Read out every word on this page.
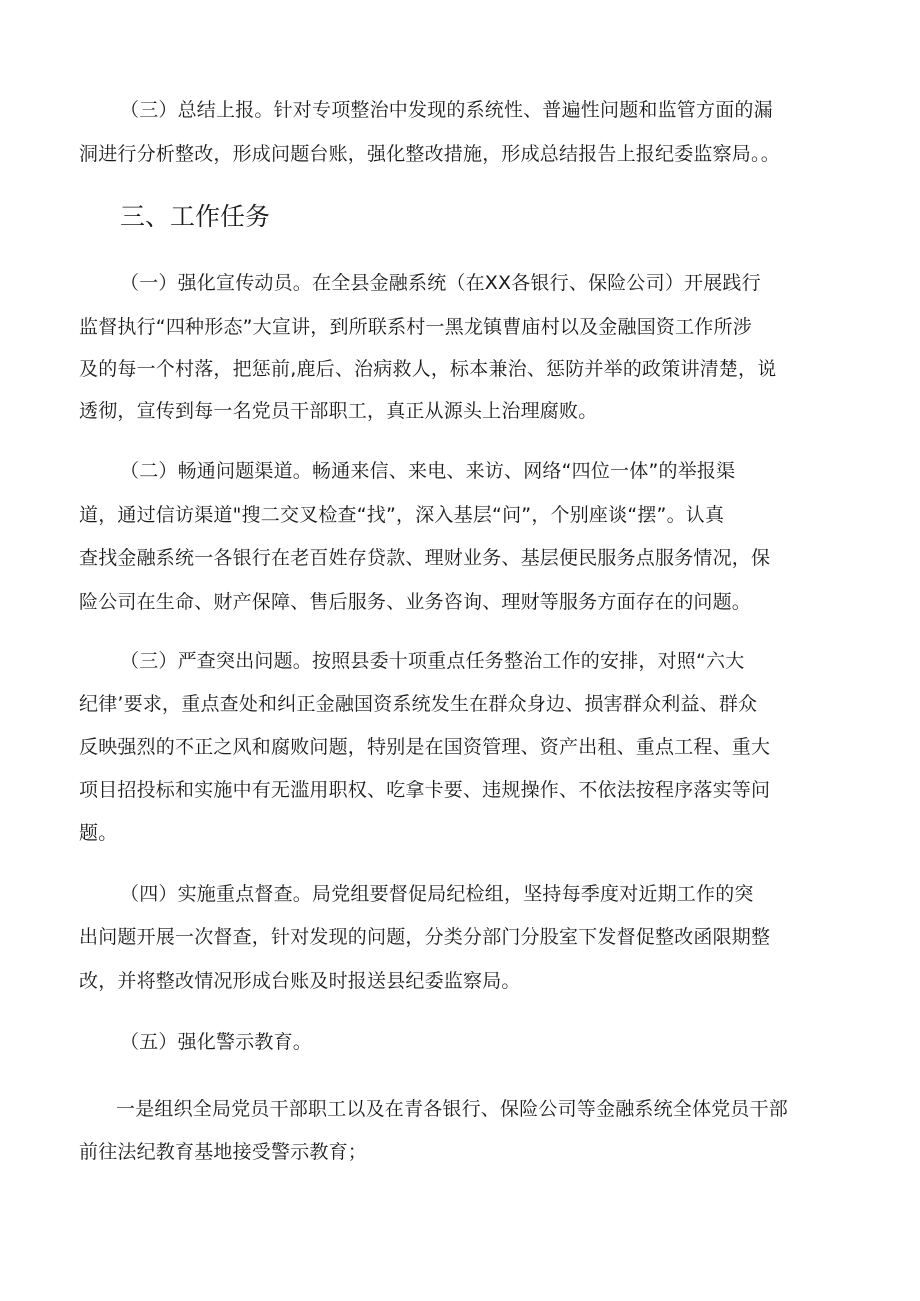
（三）总结上报。针对专项整治中发现的系统性、普遍性问题和监管方面的漏
洞进行分析整改，形成问题台账，强化整改措施，形成总结报告上报纪委监察局。。
三、工作任务
（一）强化宣传动员。在全县金融系统（在XX各银行、保险公司）开展践行
监督执行“四种形态”大宣讲，到所联系村一黑龙镇曹庙村以及金融国资工作所涉
及的每一个村落，把惩前,鹿后、治病救人，标本兼治、惩防并举的政策讲清楚，说
透彻，宣传到每一名党员干部职工，真正从源头上治理腐败。
（二）畅通问题渠道。畅通来信、来电、来访、网络“四位一体”的举报渠
道，通过信访渠道"搜二交叉检查“找”，深入基层“问”，个别座谈“摆”。认真
查找金融系统一各银行在老百姓存贷款、理财业务、基层便民服务点服务情况，保
险公司在生命、财产保障、售后服务、业务咨询、理财等服务方面存在的问题。
（三）严查突出问题。按照县委十项重点任务整治工作的安排，对照“六大
纪律’要求，重点查处和纠正金融国资系统发生在群众身边、损害群众利益、群众
反映强烈的不正之风和腐败问题，特别是在国资管理、资产出租、重点工程、重大
项目招投标和实施中有无滥用职权、吃拿卡要、违规操作、不依法按程序落实等问
题。
（四）实施重点督查。局党组要督促局纪检组，坚持每季度对近期工作的突
出问题开展一次督查，针对发现的问题，分类分部门分股室下发督促整改函限期整
改，并将整改情况形成台账及时报送县纪委监察局。
（五）强化警示教育。
一是组织全局党员干部职工以及在青各银行、保险公司等金融系统全体党员干部
前往法纪教育基地接受警示教育；
